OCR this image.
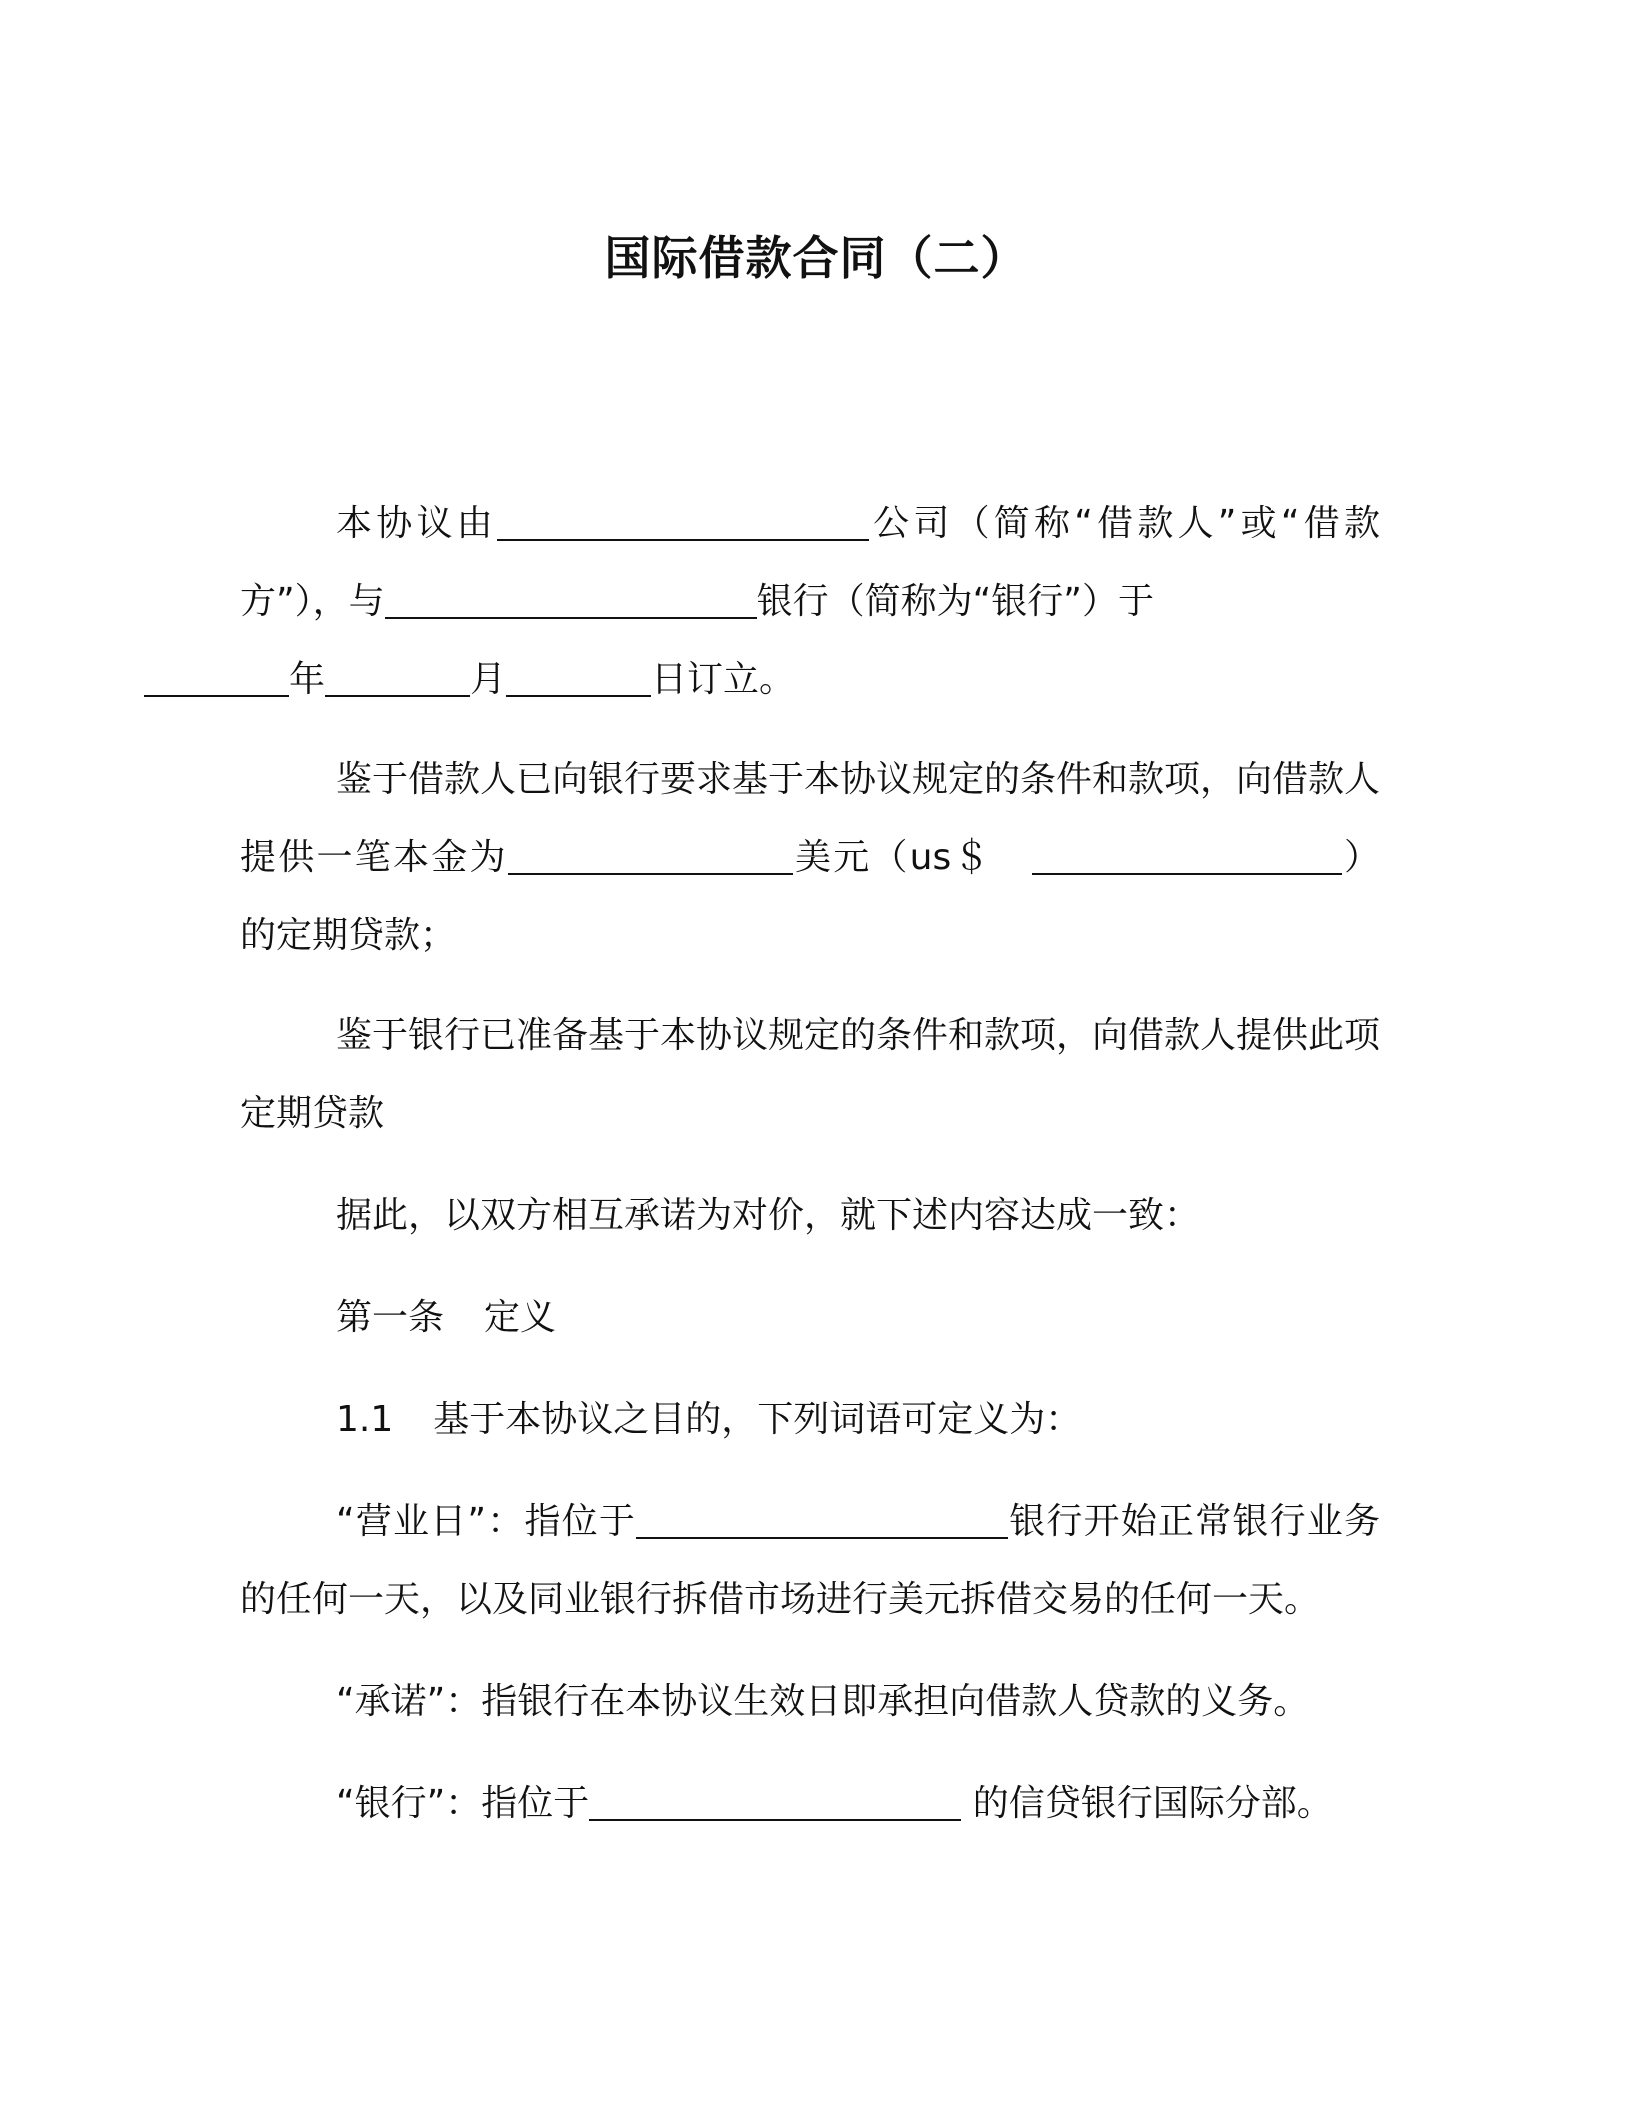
国际借款合同（二）

本协议由	公司（简称“借款人”或“借款方”），与	银行（简称为“银行”）于
年	月	日订立。

鉴于借款人已向银行要求基于本协议规定的条件和款项，向借款人提供一笔本金为	美元（us＄	）的定期贷款；

鉴于银行已准备基于本协议规定的条件和款项，向借款人提供此项定期贷款

据此，以双方相互承诺为对价，就下述内容达成一致：

第一条 定义

1.1 基于本协议之目的，下列词语可定义为：

“营业日”：指位于	银行开始正常银行业务的任何一天，以及同业银行拆借市场进行美元拆借交易的任何一天。

“承诺”：指银行在本协议生效日即承担向借款人贷款的义务。

“银行”：指位于	的信贷银行国际分部。
